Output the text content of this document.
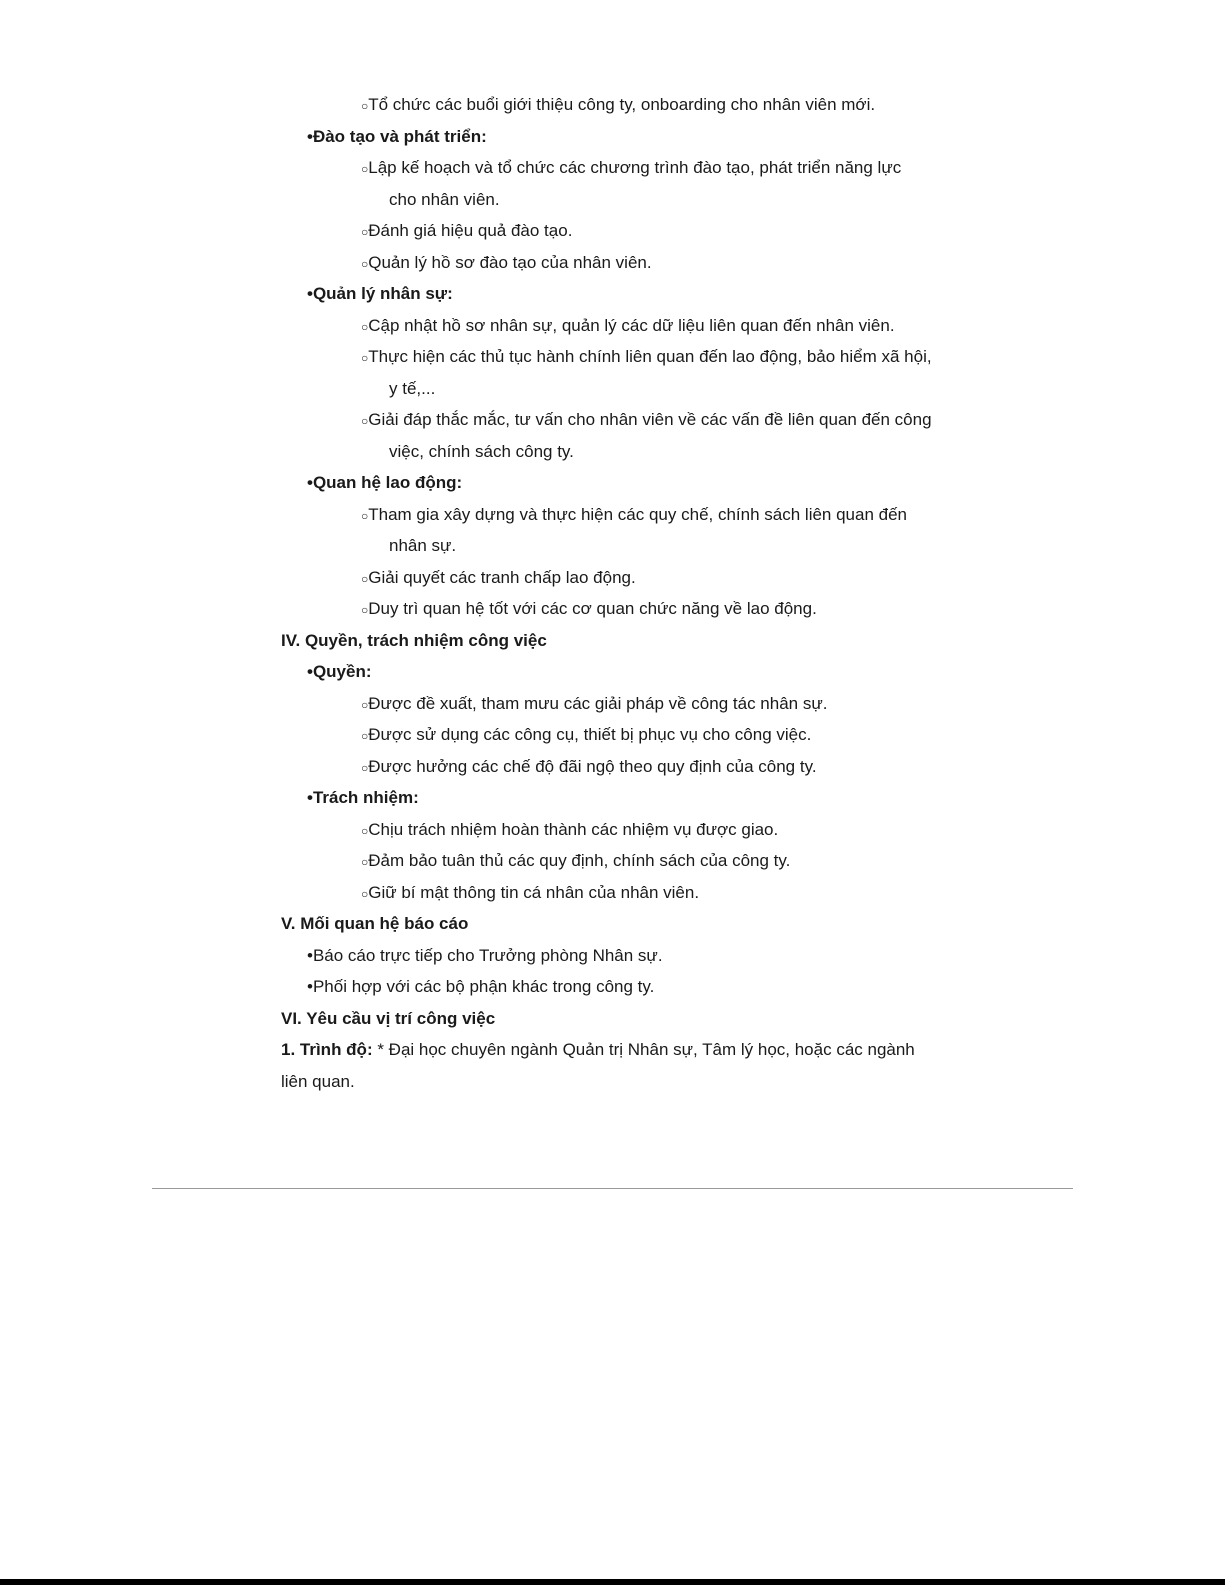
○Tổ chức các buổi giới thiệu công ty, onboarding cho nhân viên mới.
•Đào tạo và phát triển:
○Lập kế hoạch và tổ chức các chương trình đào tạo, phát triển năng lực
cho nhân viên.
○Đánh giá hiệu quả đào tạo.
○Quản lý hồ sơ đào tạo của nhân viên.
•Quản lý nhân sự:
○Cập nhật hồ sơ nhân sự, quản lý các dữ liệu liên quan đến nhân viên.
○Thực hiện các thủ tục hành chính liên quan đến lao động, bảo hiểm xã hội,
y tế,...
○Giải đáp thắc mắc, tư vấn cho nhân viên về các vấn đề liên quan đến công
việc, chính sách công ty.
•Quan hệ lao động:
○Tham gia xây dựng và thực hiện các quy chế, chính sách liên quan đến
nhân sự.
○Giải quyết các tranh chấp lao động.
○Duy trì quan hệ tốt với các cơ quan chức năng về lao động.
IV. Quyền, trách nhiệm công việc
•Quyền:
○Được đề xuất, tham mưu các giải pháp về công tác nhân sự.
○Được sử dụng các công cụ, thiết bị phục vụ cho công việc.
○Được hưởng các chế độ đãi ngộ theo quy định của công ty.
•Trách nhiệm:
○Chịu trách nhiệm hoàn thành các nhiệm vụ được giao.
○Đảm bảo tuân thủ các quy định, chính sách của công ty.
○Giữ bí mật thông tin cá nhân của nhân viên.
V. Mối quan hệ báo cáo
•Báo cáo trực tiếp cho Trưởng phòng Nhân sự.
•Phối hợp với các bộ phận khác trong công ty.
VI. Yêu cầu vị trí công việc
1. Trình độ: * Đại học chuyên ngành Quản trị Nhân sự, Tâm lý học, hoặc các ngành
liên quan.
